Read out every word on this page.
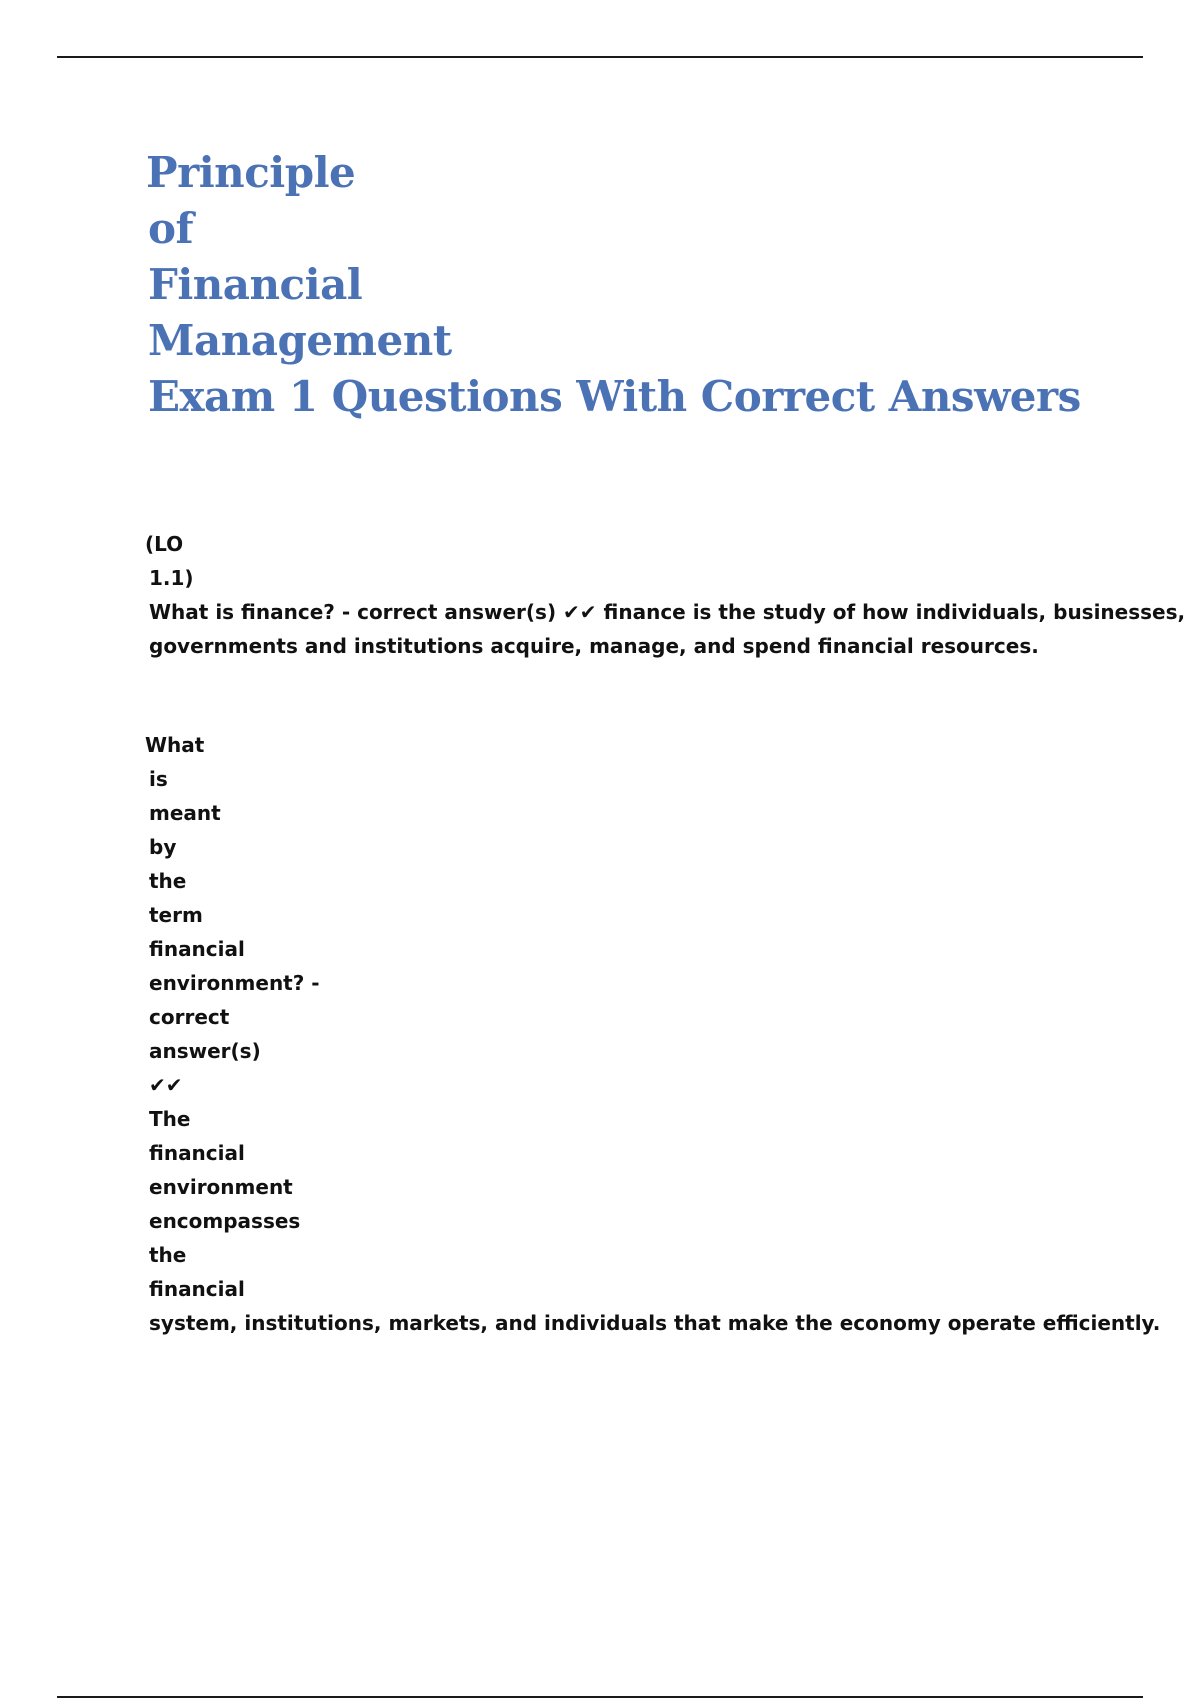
Principle
of
Financial
Management
Exam 1 Questions With Correct Answers
(LO
1.1)
What is finance? - correct answer(s) ✔✔ finance is the study of how individuals, businesses,
governments and institutions acquire, manage, and spend financial resources.
What
is
meant
by
the
term
financial
environment? -
correct
answer(s)
✔✔
The
financial
environment
encompasses
the
financial
system, institutions, markets, and individuals that make the economy operate efficiently.
